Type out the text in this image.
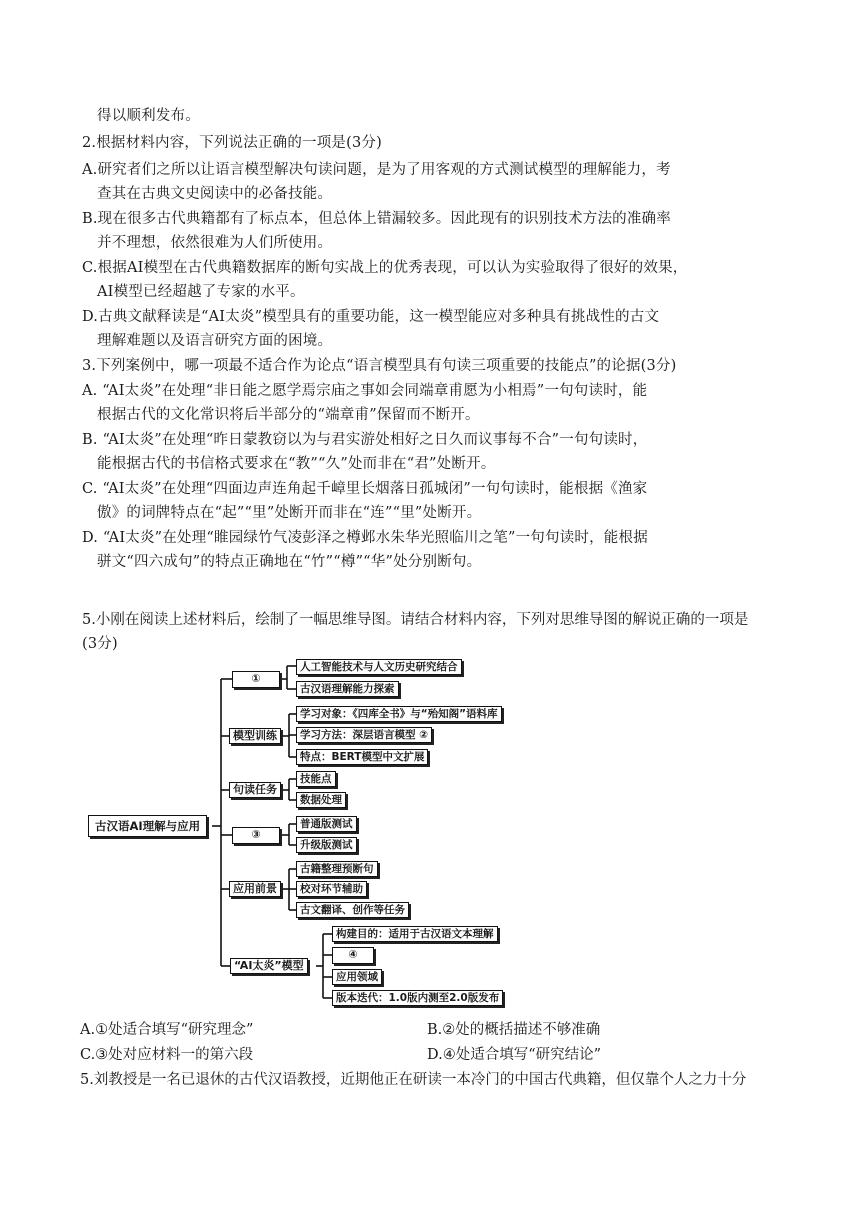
得以顺利发布。
2.根据材料内容，下列说法正确的一项是(3分)
A.研究者们之所以让语言模型解决句读问题，是为了用客观的方式测试模型的理解能力，考
查其在古典文史阅读中的必备技能。
B.现在很多古代典籍都有了标点本，但总体上错漏较多。因此现有的识别技术方法的准确率
并不理想，依然很难为人们所使用。
C.根据AI模型在古代典籍数据库的断句实战上的优秀表现，可以认为实验取得了很好的效果，
AI模型已经超越了专家的水平。
D.古典文献释读是“AI太炎”模型具有的重要功能，这一模型能应对多种具有挑战性的古文
理解难题以及语言研究方面的困境。
3.下列案例中，哪一项最不适合作为论点“语言模型具有句读三项重要的技能点”的论据(3分)
A. “AI太炎”在处理“非日能之愿学焉宗庙之事如会同端章甫愿为小相焉”一句句读时，能
根据古代的文化常识将后半部分的“端章甫”保留而不断开。
B. “AI太炎”在处理“昨日蒙教窃以为与君实游处相好之日久而议事每不合”一句句读时，
能根据古代的书信格式要求在“教”“久”处而非在“君”处断开。
C. “AI太炎”在处理“四面边声连角起千嶂里长烟落日孤城闭”一句句读时，能根据《渔家
傲》的词牌特点在“起”“里”处断开而非在“连”“里”处断开。
D. “AI太炎”在处理“睢园绿竹气凌彭泽之樽邺水朱华光照临川之笔”一句句读时，能根据
骈文“四六成句”的特点正确地在“竹”“樽”“华”处分别断句。
5.小刚在阅读上述材料后，绘制了一幅思维导图。请结合材料内容，下列对思维导图的解说正确的一项是
(3分)
古汉语AI理解与应用
①
人工智能技术与人文历史研究结合
古汉语理解能力探索
模型训练
学习对象：《四库全书》与“殆知阁”语料库
学习方法：深层语言模型 ②
特点：BERT模型中文扩展
句读任务
技能点
数据处理
③
普通版测试
升级版测试
应用前景
古籍整理预断句
校对环节辅助
古文翻译、创作等任务
“AI太炎”模型
构建目的：适用于古汉语文本理解
④
应用领域
版本迭代：1.0版内测至2.0版发布
A.①处适合填写“研究理念”	B.②处的概括描述不够准确
C.③处对应材料一的第六段	D.④处适合填写“研究结论”
5.刘教授是一名已退休的古代汉语教授，近期他正在研读一本冷门的中国古代典籍，但仅靠个人之力十分
